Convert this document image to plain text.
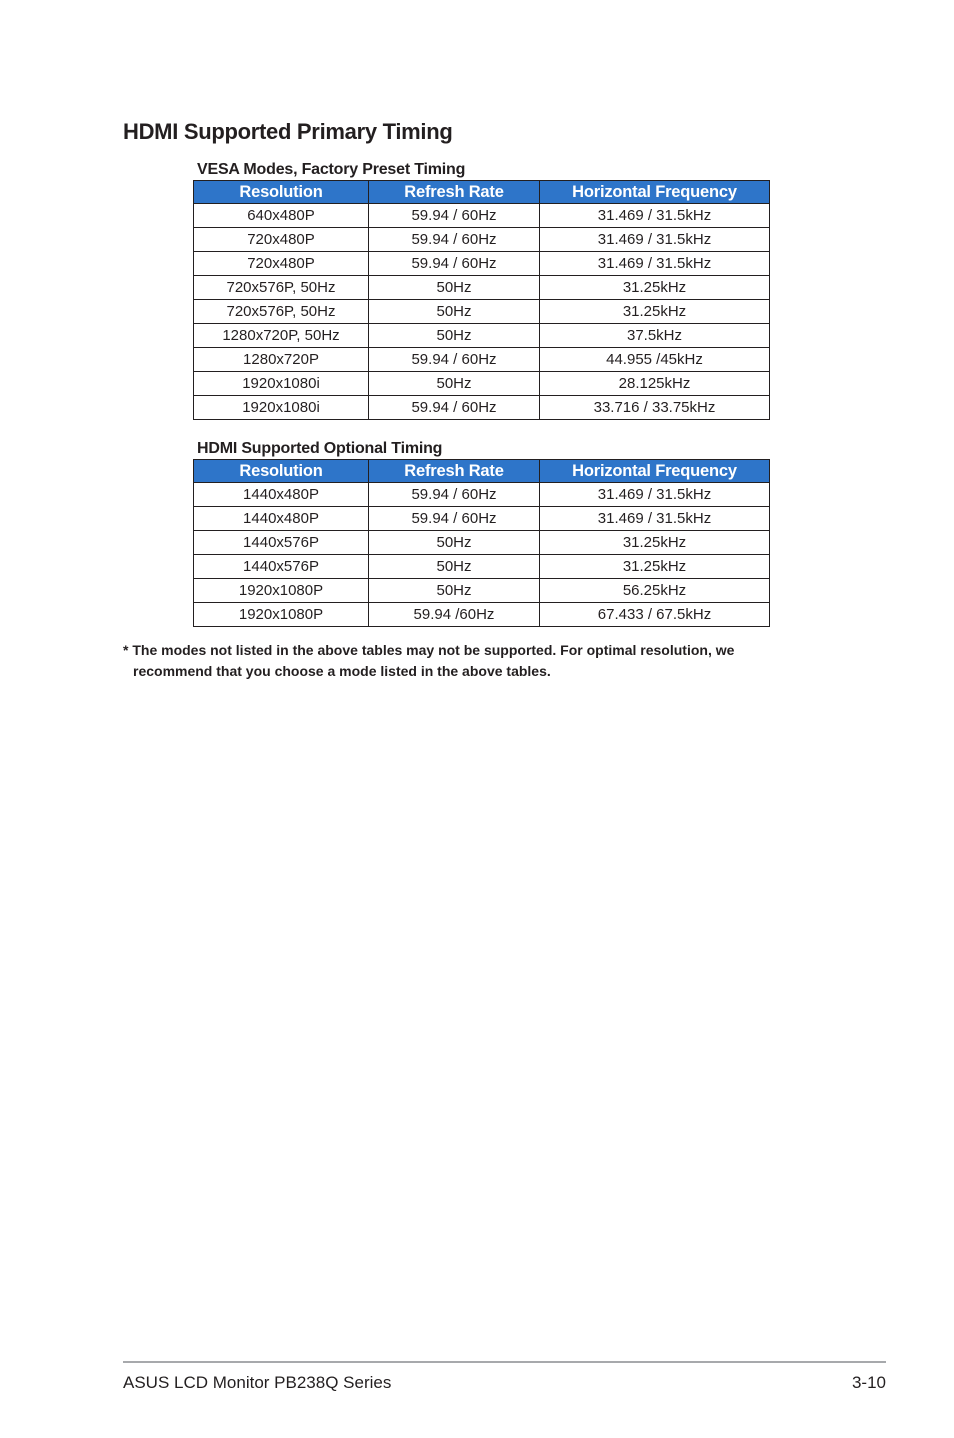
HDMI Supported Primary Timing
VESA Modes, Factory Preset Timing
Resolution	Refresh Rate	Horizontal Frequency
640x480P	59.94 / 60Hz	31.469 / 31.5kHz
720x480P	59.94 / 60Hz	31.469 / 31.5kHz
720x480P	59.94 / 60Hz	31.469 / 31.5kHz
720x576P, 50Hz	50Hz	31.25kHz
720x576P, 50Hz	50Hz	31.25kHz
1280x720P, 50Hz	50Hz	37.5kHz
1280x720P	59.94 / 60Hz	44.955 /45kHz
1920x1080i	50Hz	28.125kHz
1920x1080i	59.94 / 60Hz	33.716 / 33.75kHz
HDMI Supported Optional Timing
Resolution	Refresh Rate	Horizontal Frequency
1440x480P	59.94 / 60Hz	31.469 / 31.5kHz
1440x480P	59.94 / 60Hz	31.469 / 31.5kHz
1440x576P	50Hz	31.25kHz
1440x576P	50Hz	31.25kHz
1920x1080P	50Hz	56.25kHz
1920x1080P	59.94 /60Hz	67.433 / 67.5kHz
* The modes not listed in the above tables may not be supported. For optimal resolution, we
recommend that you choose a mode listed in the above tables.
ASUS LCD Monitor PB238Q Series	3-10
